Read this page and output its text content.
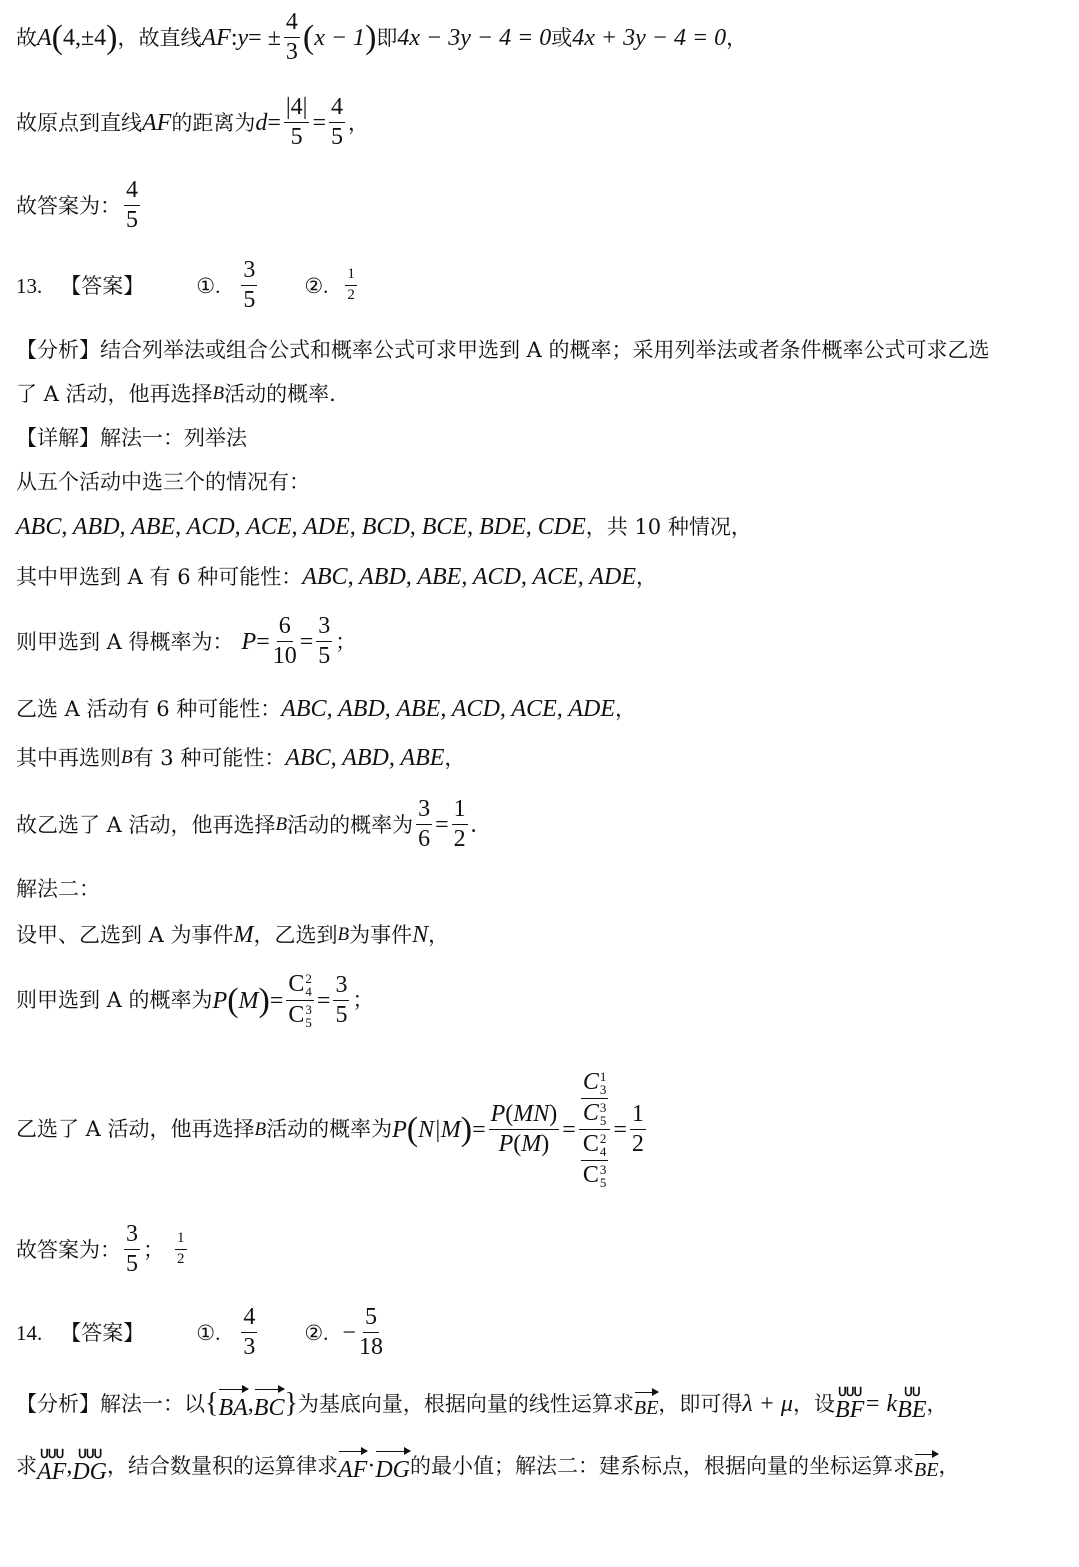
故 A ( 4,±4 ) ，故直线 AF : y = ± $\frac{4}{3}$ ( x − 1 ) 即 4x − 3y − 4 = 0 或 4x + 3y − 4 = 0 ，
故原点到直线 AF 的距离为 $d = \frac{|4|}{5} = \frac{4}{5}$ ，
故答案为： $\frac{4}{5}$
13. 【答案】 ①. $\frac{3}{5}$ ②. $\frac{1}{2}$
【分析】结合列举法或组合公式和概率公式可求甲选到 A 的概率；采用列举法或者条件概率公式可求乙选
了 A 活动，他再选择 B 活动的概率.
【详解】解法一：列举法
从五个活动中选三个的情况有：
ABC, ABD, ABE, ACD, ACE, ADE, BCD, BCE, BDE, CDE ，共 10 种情况，
其中甲选到 A 有 6 种可能性： ABC, ABD, ABE, ACD, ACE, ADE ，
则甲选到 A 得概率为： $P = \frac{6}{10} = \frac{3}{5}$ ；
乙选 A 活动有 6 种可能性： ABC, ABD, ABE, ACD, ACE, ADE ，
其中再选则 B 有 3 种可能性： ABC, ABD, ABE ，
故乙选了 A 活动，他再选择 B 活动的概率为 $\frac{3}{6} = \frac{1}{2}$ .
解法二：
设甲、乙选到 A 为事件 M ，乙选到 B 为事件 N ，
则甲选到 A 的概率为 P ( M ) = C 2
4
C 3
$5 = \frac{3}{5}$ ；
乙选了 A 活动，他再选择 B 活动的概率为 P ( N|M ) = $\frac{P(MN)}{P(M)} = C$ 1
3
C 3
5
C 2
4
C 3
$5 = \frac{1}{2}$
故答案为： $\frac{3}{5}$ ； $\frac{1}{2}$
14. 【答案】 ①. $\frac{4}{3}$ ②. − $\frac{5}{18}$
【分析】解法一：以 { BA , BC } 为基底向量，根据向量的线性运算求 BE ，即可得 λ + μ ，设 ᑌᑌᑌ
BF = k ᑌᑌ
BE ，
求 ᑌᑌᑌ
AF , ᑌᑌᑌ
DG ，结合数量积的运算律求 AF · DG 的最小值；解法二：建系标点，根据向量的坐标运算求 BE ，
